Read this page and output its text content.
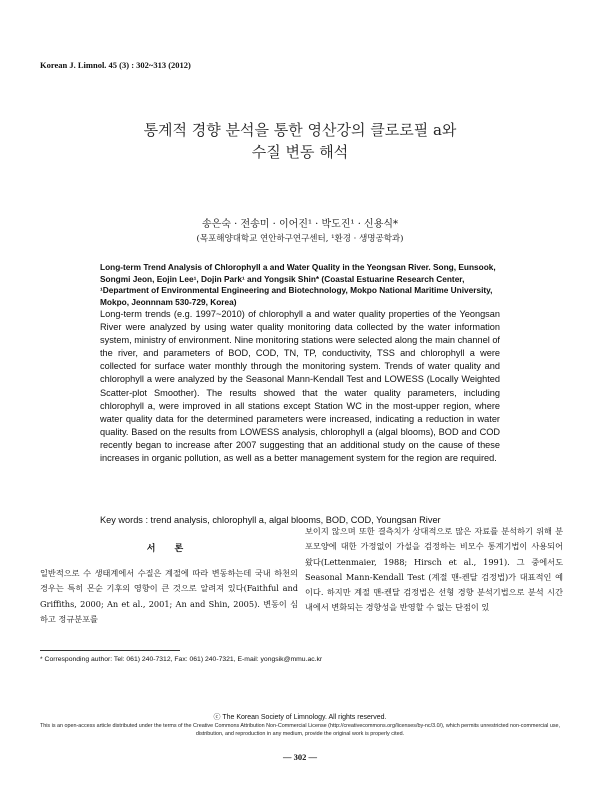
Korean J. Limnol. 45 (3) : 302~313 (2012)
통계적 경향 분석을 통한 영산강의 클로로필 a와
수질 변동 해석
송은숙 · 전송미 · 이어진¹ · 박도진¹ · 신용식*
(목포해양대학교 연안하구연구센터, ¹환경 · 생명공학과)
Long-term Trend Analysis of Chlorophyll a and Water Quality in the Yeongsan River. Song, Eunsook, Songmi Jeon, Eojin Lee¹, Dojin Park¹ and Yongsik Shin* (Coastal Estuarine Research Center, ¹Department of Environmental Engineering and Biotechnology, Mokpo National Maritime University, Mokpo, Jeonnnam 530-729, Korea)
Long-term trends (e.g. 1997~2010) of chlorophyll a and water quality properties of the Yeongsan River were analyzed by using water quality monitoring data collected by the water information system, ministry of environment. Nine monitoring stations were selected along the main channel of the river, and parameters of BOD, COD, TN, TP, conductivity, TSS and chlorophyll a were collected for surface water monthly through the monitoring system. Trends of water quality and chlorophyll a were analyzed by the Seasonal Mann-Kendall Test and LOWESS (Locally Weighted Scatter-plot Smoother). The results showed that the water quality parameters, including chlorophyll a, were improved in all stations except Station WC in the most-upper region, where water quality data for the determined parameters were increased, indicating a reduction in water quality. Based on the results from LOWESS analysis, chlorophyll a (algal blooms), BOD and COD recently began to increase after 2007 suggesting that an additional study on the cause of these increases in organic pollution, as well as a better management system for the region are required.
Key words : trend analysis, chlorophyll a, algal blooms, BOD, COD, Youngsan River
서 론
일반적으로 수 생태계에서 수질은 계절에 따라 변동하는데 국내 하천의 경우는 특히 몬순 기후의 영향이 큰 것으로 알려져 있다(Faithful and Griffiths, 2000; An et al., 2001; An and Shin, 2005). 변동이 심하고 정규분포를
보이지 않으며 또한 결측치가 상대적으로 많은 자료를 분석하기 위해 분포모양에 대한 가정없이 가설을 검정하는 비모수 통계기법이 사용되어 왔다(Lettenmaier, 1988; Hirsch et al., 1991). 그 중에서도 Seasonal Mann-Kendall Test (계절 맨-켄달 검정법)가 대표적인 예이다. 하지만 계절 맨-켄달 검정법은 선형 경향 분석기법으로 분석 시간내에서 변화되는 경향성을 반영할 수 없는 단점이 있
* Corresponding author: Tel: 061) 240-7312, Fax: 061) 240-7321, E-mail: yongsik@mmu.ac.kr
ⓒ The Korean Society of Limnology. All rights reserved.
This is an open-access article distributed under the terms of the Creative Commons Attribution Non-Commercial License (http://creativecommons.org/licenses/by-nc/3.0/), which permits unrestricted non-commercial use, distribution, and reproduction in any medium, provide the original work is properly cited.
― 302 ―
